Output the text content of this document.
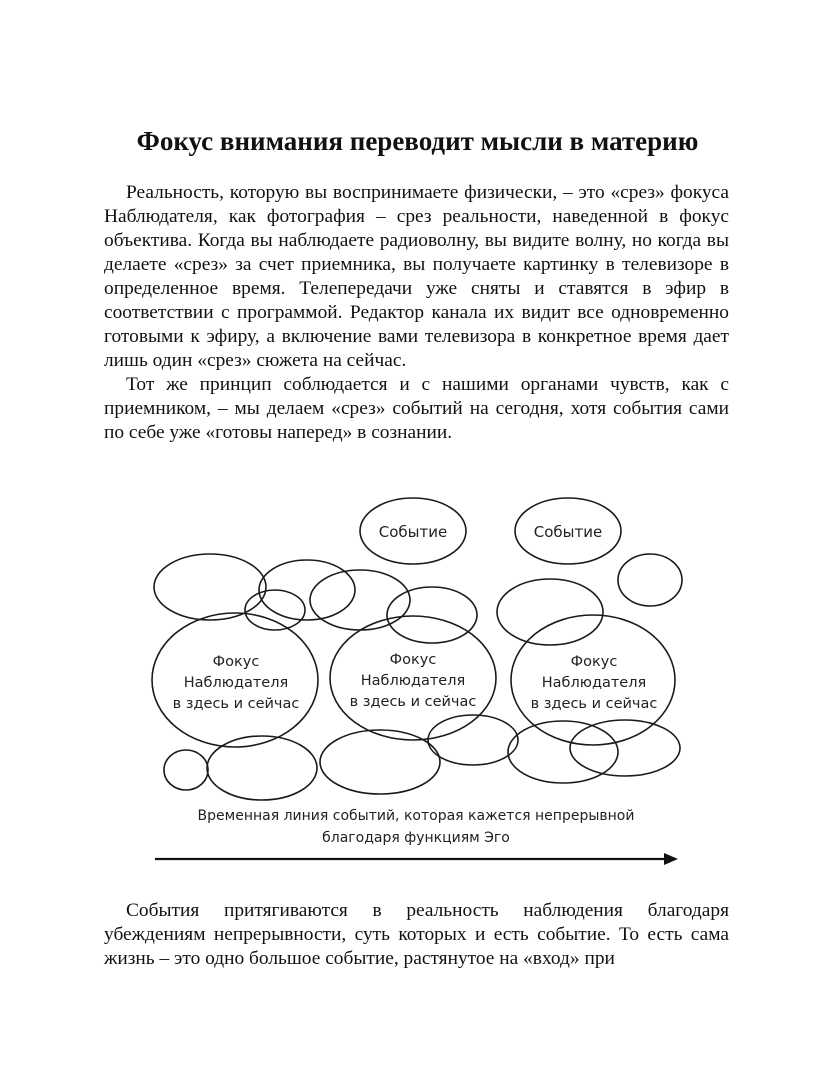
Фокус внимания переводит мысли в материю

Реальность, которую вы воспринимаете физически, – это «срез» фокуса Наблюдателя, как фотография – срез реальности, наведенной в фокус объектива. Когда вы наблюдаете радиоволну, вы видите волну, но когда вы делаете «срез» за счет приемника, вы получаете картинку в телевизоре в определенное время. Телепередачи уже сняты и ставятся в эфир в соответствии с программой. Редактор канала их видит все одновременно готовыми к эфиру, а включение вами телевизора в конкретное время дает лишь один «срез» сюжета на сейчас.

Тот же принцип соблюдается и с нашими органами чувств, как с приемником, – мы делаем «срез» событий на сегодня, хотя события сами по себе уже «готовы наперед» в сознании.

Событие	Событие
Фокус
Наблюдателя
в здесь и сейчас
Фокус
Наблюдателя
в здесь и сейчас
Фокус
Наблюдателя
в здесь и сейчас
Временная линия событий, которая кажется непрерывной
благодаря функциям Эго

События притягиваются в реальность наблюдения благодаря убеждениям непрерывности, суть которых и есть событие. То есть сама жизнь – это одно большое событие, растянутое на «вход» при
